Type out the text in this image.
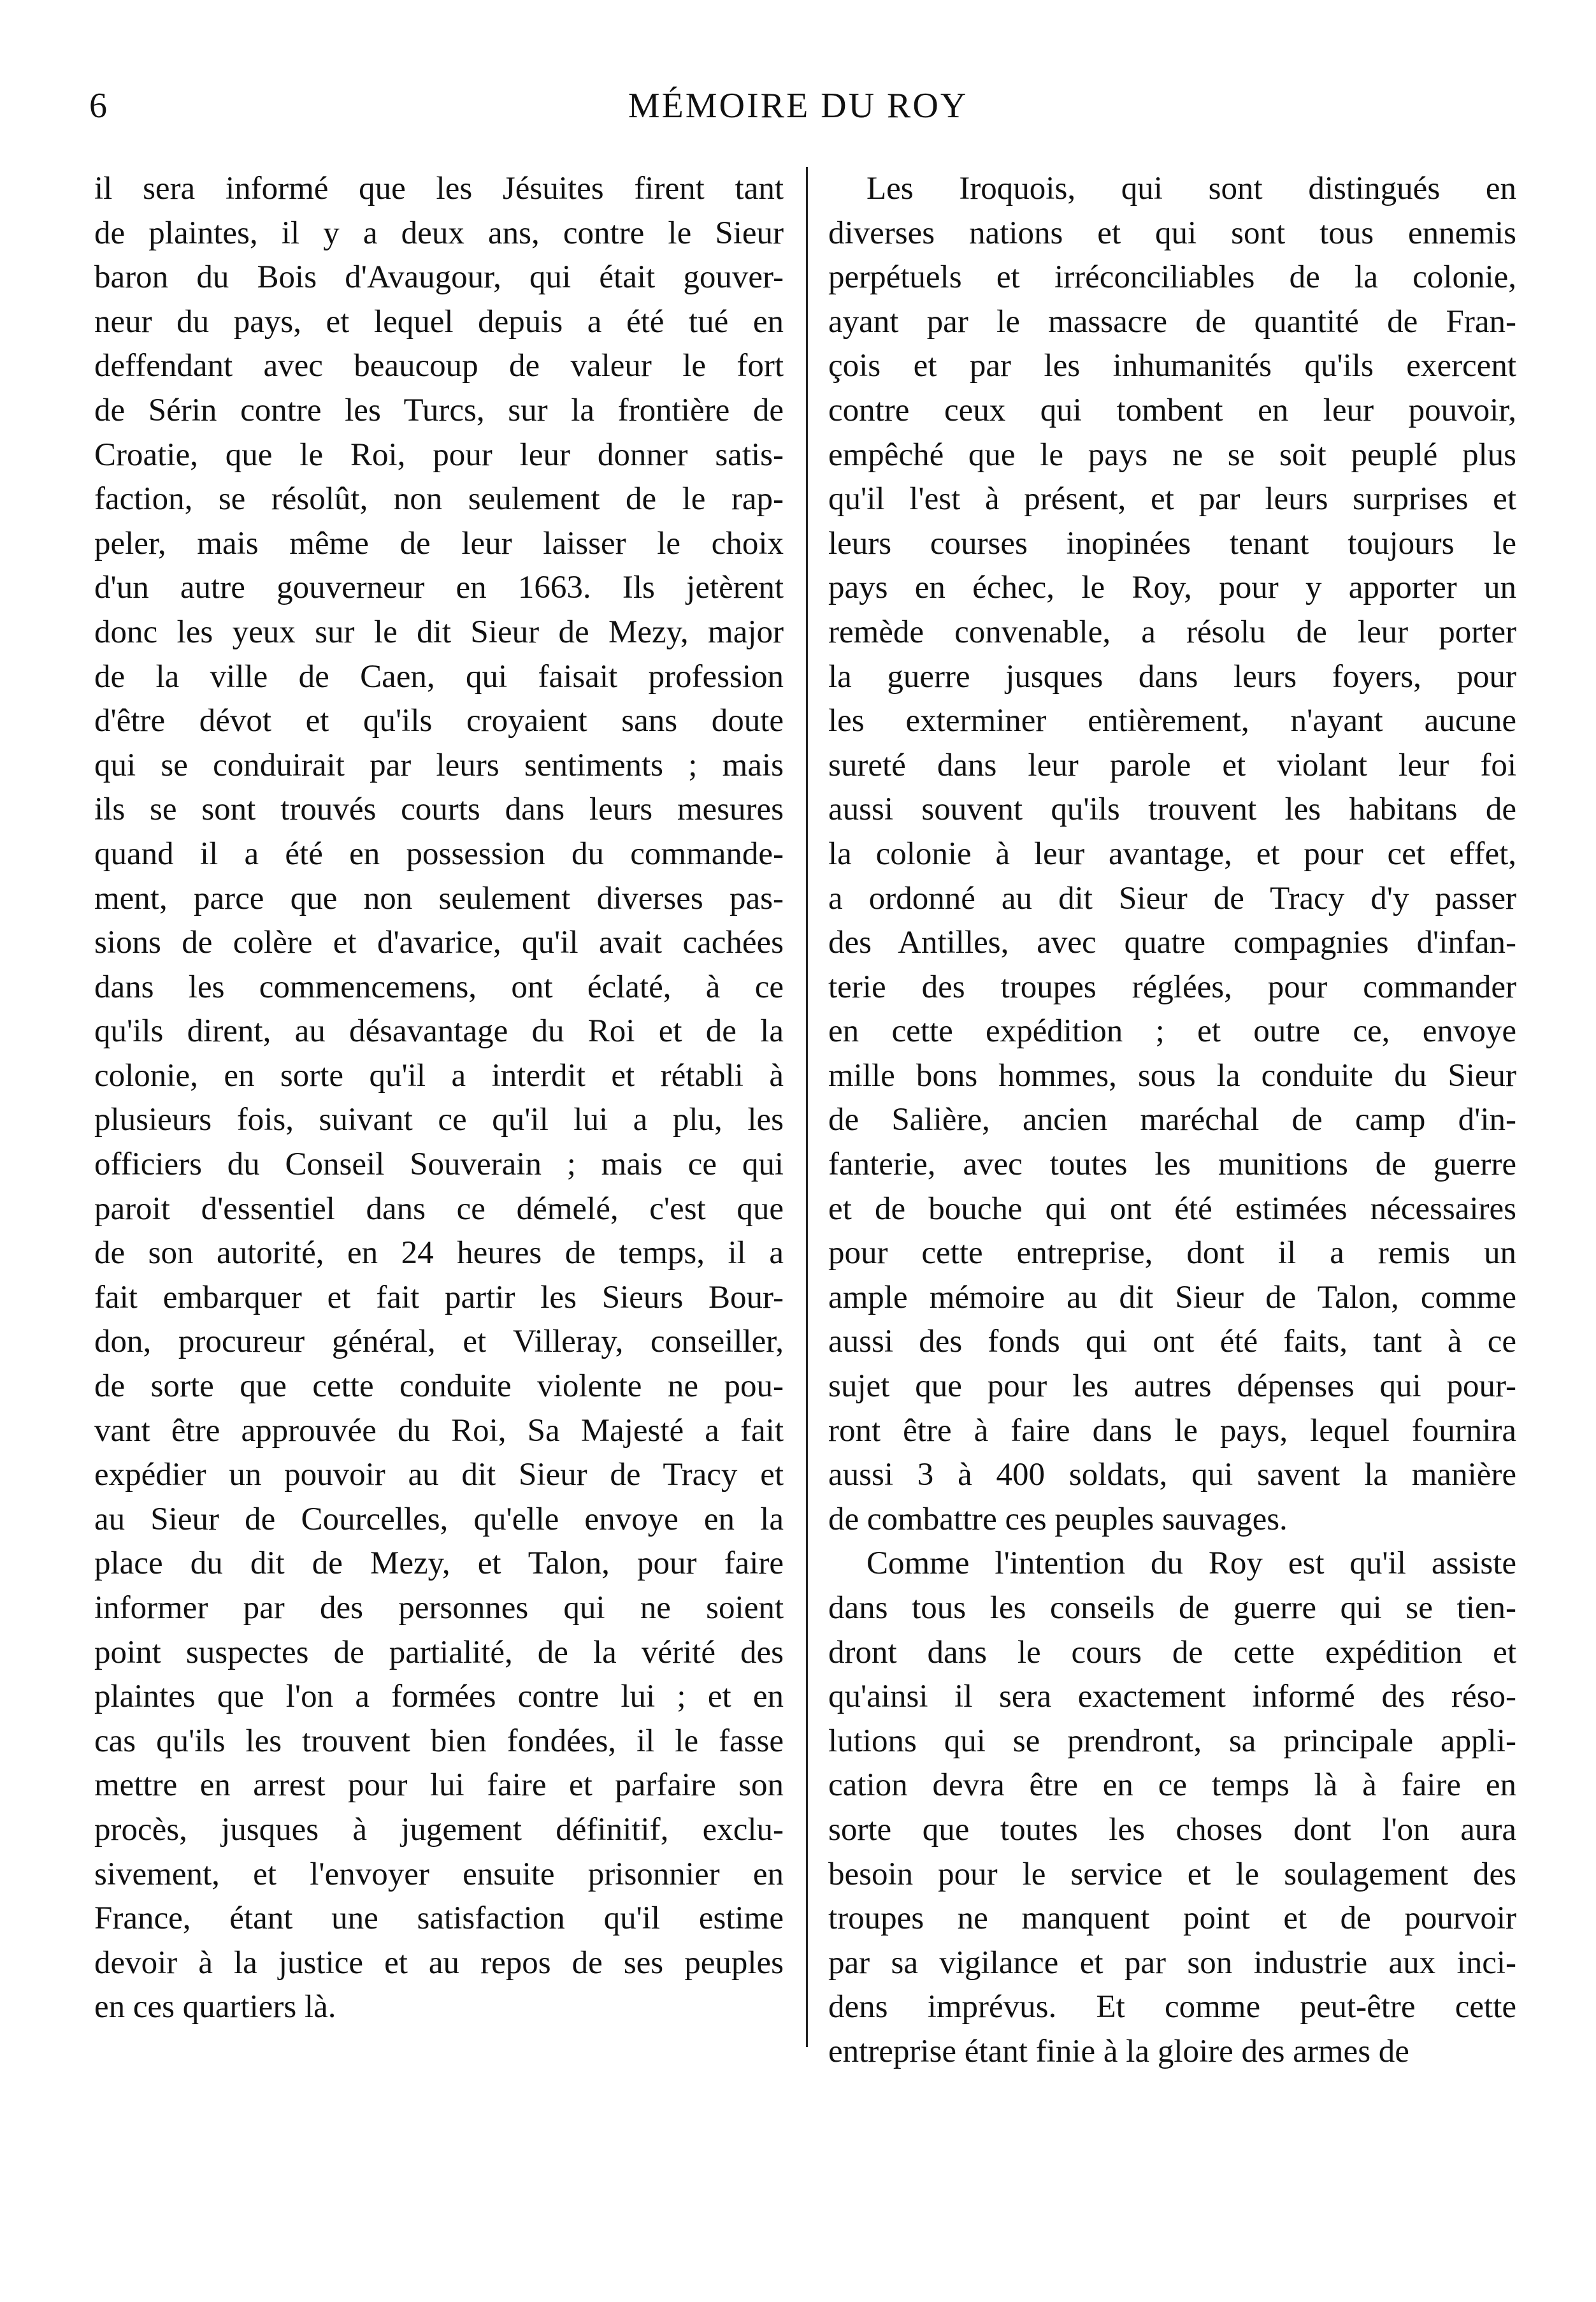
6	MÉMOIRE DU ROY
il sera informé que les Jésuites firent tant
de plaintes, il y a deux ans, contre le Sieur
baron du Bois d'Avaugour, qui était gouver-
neur du pays, et lequel depuis a été tué en
deffendant avec beaucoup de valeur le fort
de Sérin contre les Turcs, sur la frontière de
Croatie, que le Roi, pour leur donner satis-
faction, se résolût, non seulement de le rap-
peler, mais même de leur laisser le choix
d'un autre gouverneur en 1663. Ils jetèrent
donc les yeux sur le dit Sieur de Mezy, major
de la ville de Caen, qui faisait profession
d'être dévot et qu'ils croyaient sans doute
qui se conduirait par leurs sentiments ; mais
ils se sont trouvés courts dans leurs mesures
quand il a été en possession du commande-
ment, parce que non seulement diverses pas-
sions de colère et d'avarice, qu'il avait cachées
dans les commencemens, ont éclaté, à ce
qu'ils dirent, au désavantage du Roi et de la
colonie, en sorte qu'il a interdit et rétabli à
plusieurs fois, suivant ce qu'il lui a plu, les
officiers du Conseil Souverain ; mais ce qui
paroit d'essentiel dans ce démelé, c'est que
de son autorité, en 24 heures de temps, il a
fait embarquer et fait partir les Sieurs Bour-
don, procureur général, et Villeray, conseiller,
de sorte que cette conduite violente ne pou-
vant être approuvée du Roi, Sa Majesté a fait
expédier un pouvoir au dit Sieur de Tracy et
au Sieur de Courcelles, qu'elle envoye en la
place du dit de Mezy, et Talon, pour faire
informer par des personnes qui ne soient
point suspectes de partialité, de la vérité des
plaintes que l'on a formées contre lui ; et en
cas qu'ils les trouvent bien fondées, il le fasse
mettre en arrest pour lui faire et parfaire son
procès, jusques à jugement définitif, exclu-
sivement, et l'envoyer ensuite prisonnier en
France, étant une satisfaction qu'il estime
devoir à la justice et au repos de ses peuples
en ces quartiers là.
Les Iroquois, qui sont distingués en
diverses nations et qui sont tous ennemis
perpétuels et irréconciliables de la colonie,
ayant par le massacre de quantité de Fran-
çois et par les inhumanités qu'ils exercent
contre ceux qui tombent en leur pouvoir,
empêché que le pays ne se soit peuplé plus
qu'il l'est à présent, et par leurs surprises et
leurs courses inopinées tenant toujours le
pays en échec, le Roy, pour y apporter un
remède convenable, a résolu de leur porter
la guerre jusques dans leurs foyers, pour
les exterminer entièrement, n'ayant aucune
sureté dans leur parole et violant leur foi
aussi souvent qu'ils trouvent les habitans de
la colonie à leur avantage, et pour cet effet,
a ordonné au dit Sieur de Tracy d'y passer
des Antilles, avec quatre compagnies d'infan-
terie des troupes réglées, pour commander
en cette expédition ; et outre ce, envoye
mille bons hommes, sous la conduite du Sieur
de Salière, ancien maréchal de camp d'in-
fanterie, avec toutes les munitions de guerre
et de bouche qui ont été estimées nécessaires
pour cette entreprise, dont il a remis un
ample mémoire au dit Sieur de Talon, comme
aussi des fonds qui ont été faits, tant à ce
sujet que pour les autres dépenses qui pour-
ront être à faire dans le pays, lequel fournira
aussi 3 à 400 soldats, qui savent la manière
de combattre ces peuples sauvages.
Comme l'intention du Roy est qu'il assiste
dans tous les conseils de guerre qui se tien-
dront dans le cours de cette expédition et
qu'ainsi il sera exactement informé des réso-
lutions qui se prendront, sa principale appli-
cation devra être en ce temps là à faire en
sorte que toutes les choses dont l'on aura
besoin pour le service et le soulagement des
troupes ne manquent point et de pourvoir
par sa vigilance et par son industrie aux inci-
dens imprévus. Et comme peut-être cette
entreprise étant finie à la gloire des armes de
